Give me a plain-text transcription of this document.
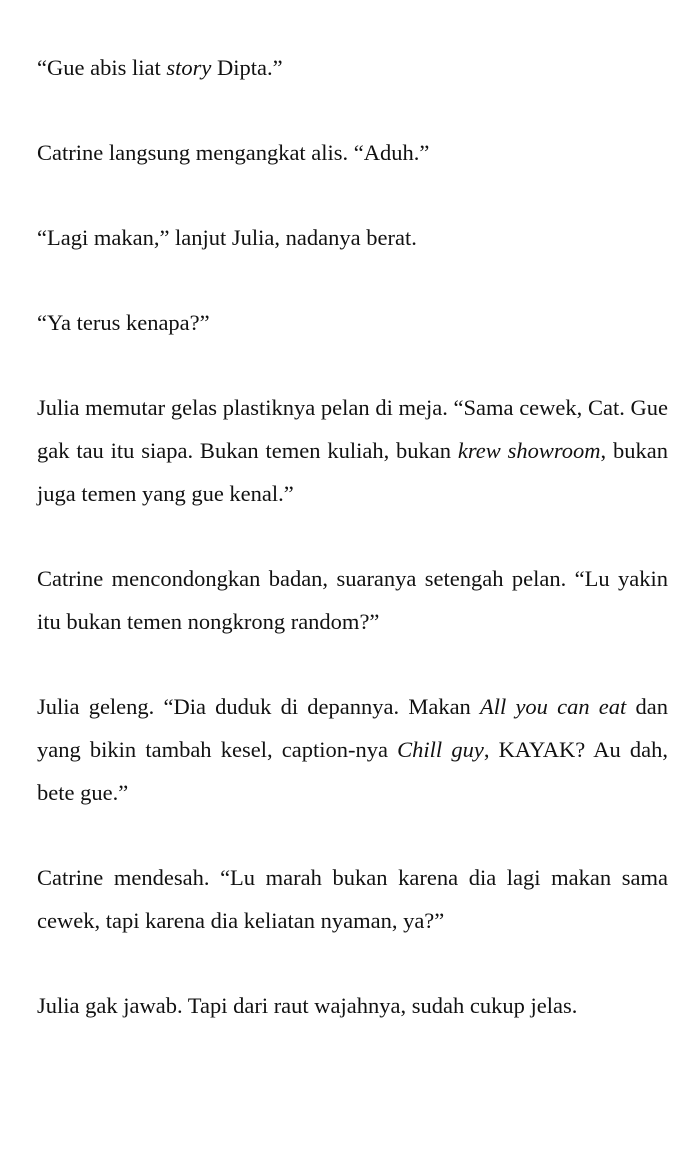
“Gue abis liat story Dipta.”

Catrine langsung mengangkat alis. “Aduh.”

“Lagi makan,” lanjut Julia, nadanya berat.

“Ya terus kenapa?”

Julia memutar gelas plastiknya pelan di meja. “Sama cewek, Cat. Gue gak tau itu siapa. Bukan temen kuliah, bukan krew showroom, bukan juga temen yang gue kenal.”

Catrine mencondongkan badan, suaranya setengah pelan. “Lu yakin itu bukan temen nongkrong random?”

Julia geleng. “Dia duduk di depannya. Makan All you can eat dan yang bikin tambah kesel, caption-nya Chill guy, KAYAK? Au dah, bete gue.”

Catrine mendesah. “Lu marah bukan karena dia lagi makan sama cewek, tapi karena dia keliatan nyaman, ya?”

Julia gak jawab. Tapi dari raut wajahnya, sudah cukup jelas.
